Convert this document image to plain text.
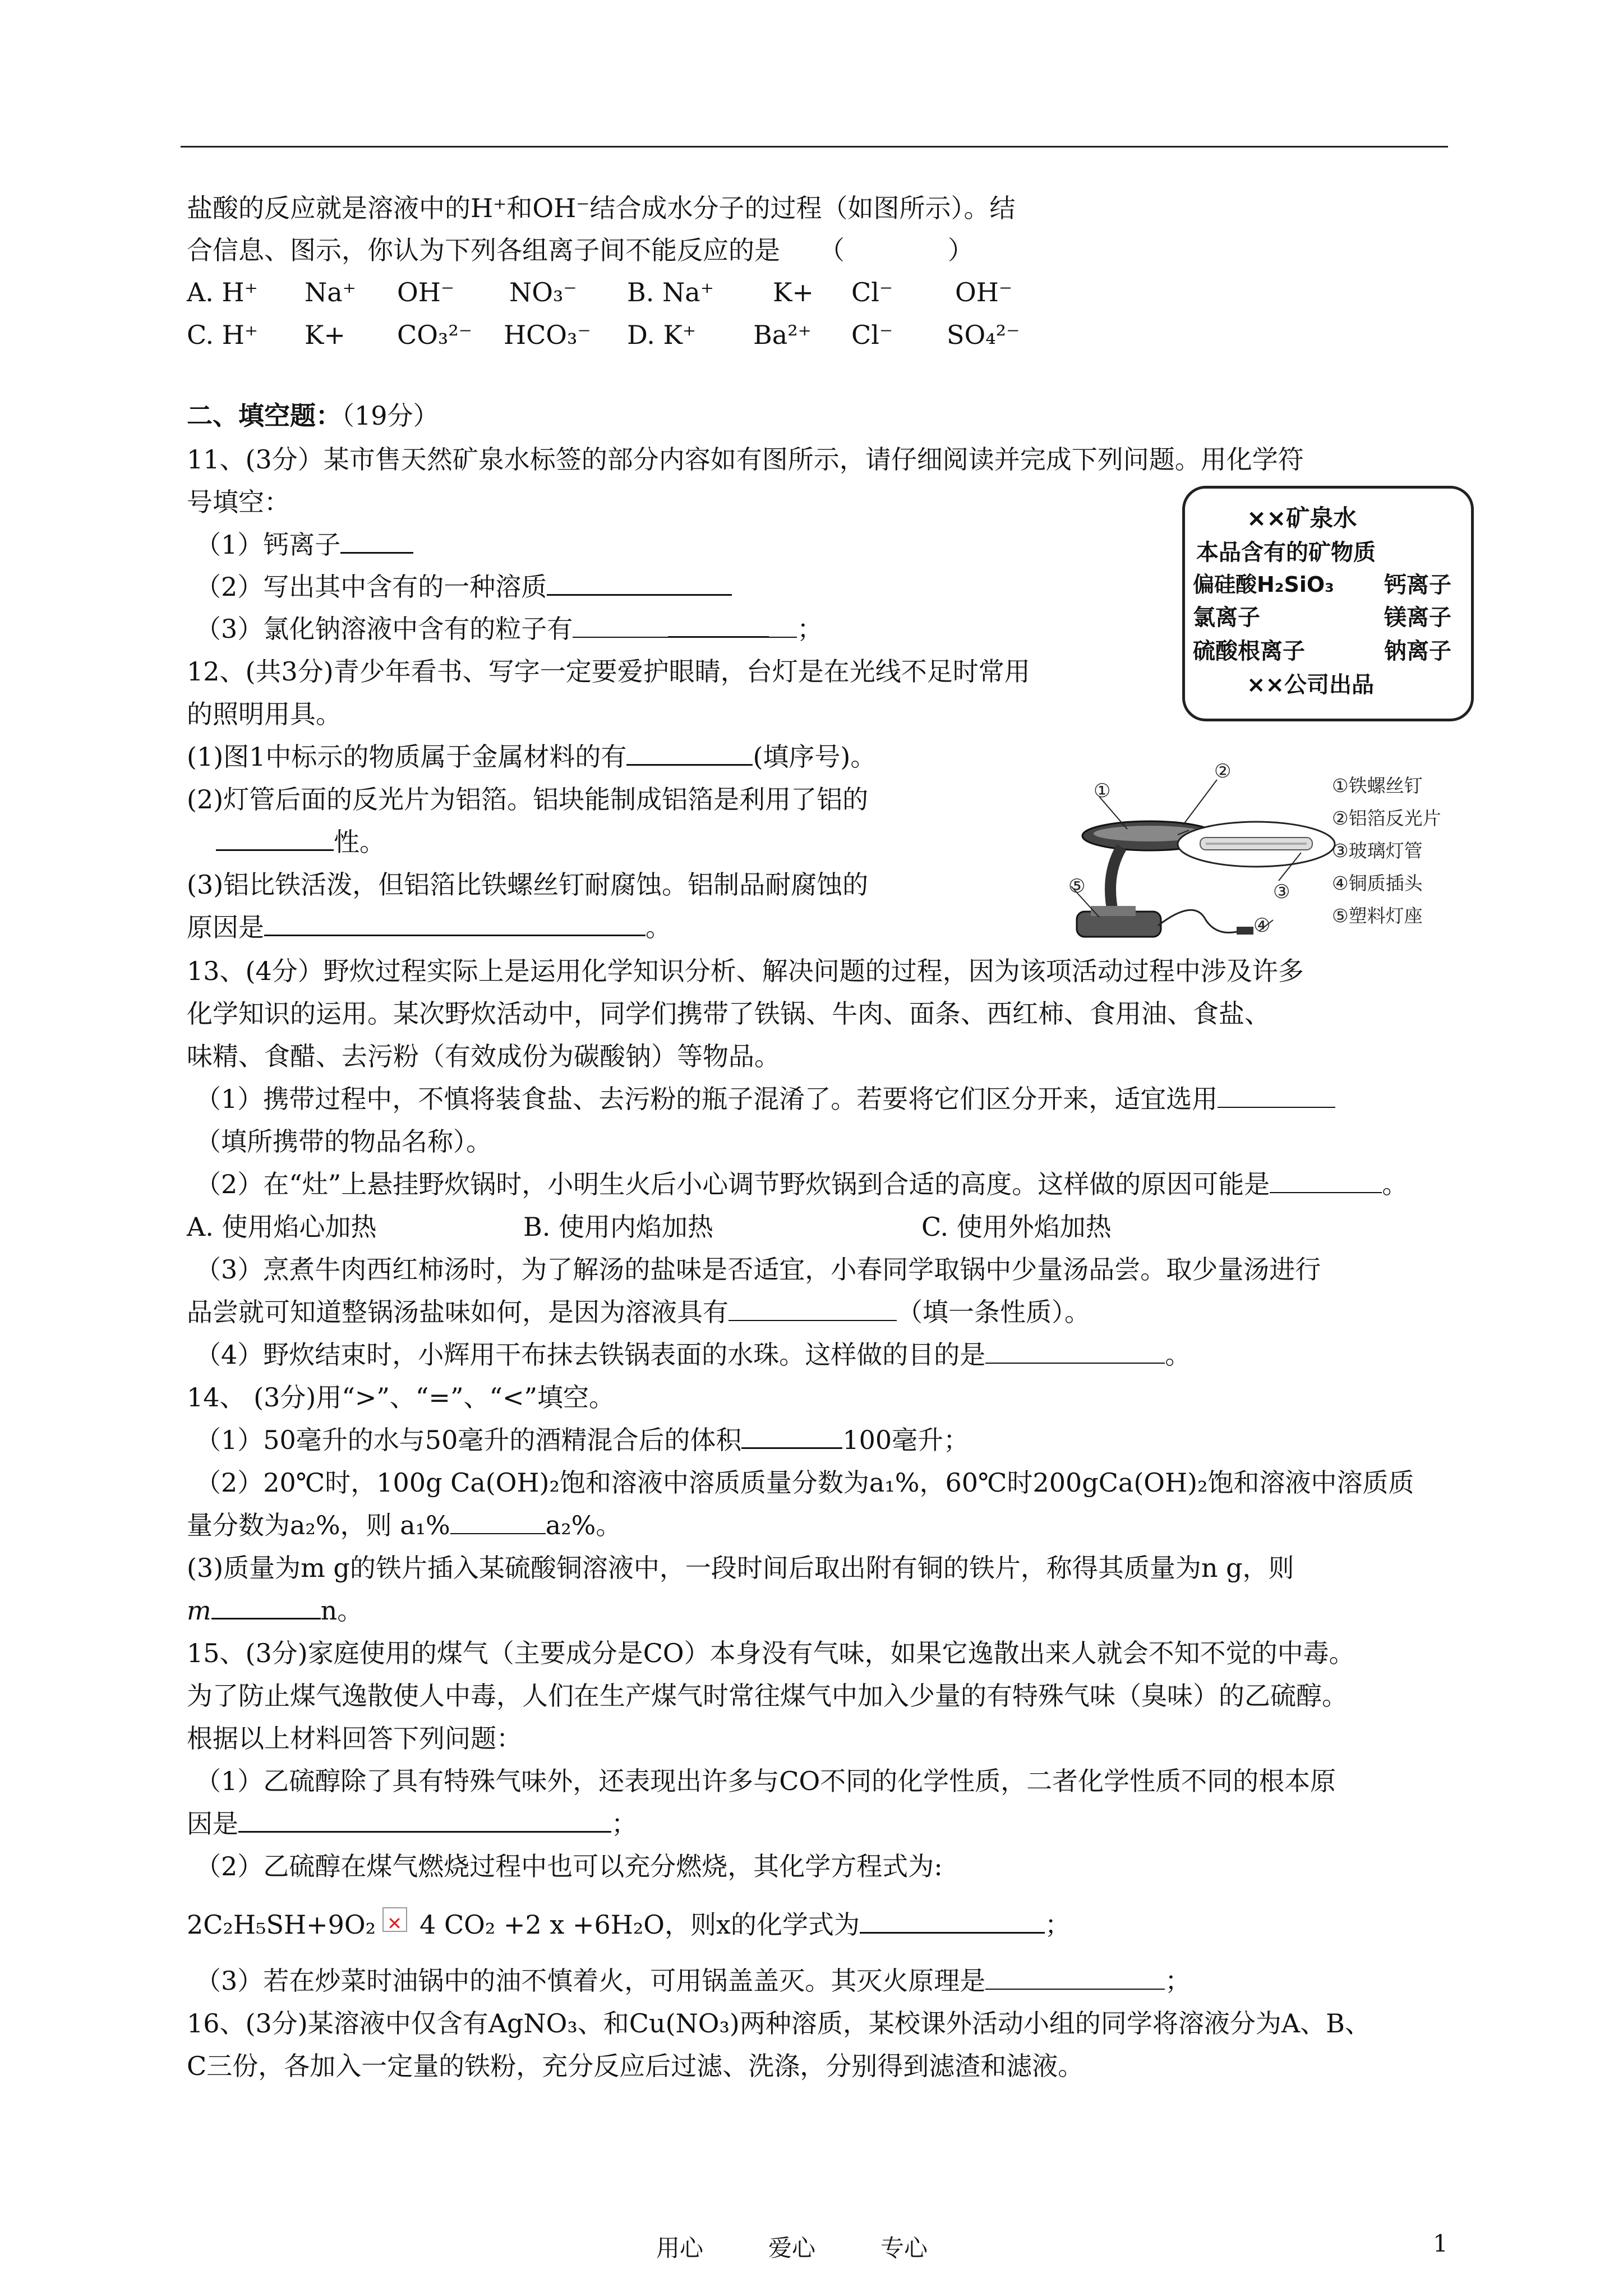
盐酸的反应就是溶液中的H⁺和OH⁻结合成水分子的过程（如图所示）。结
合信息、图示，你认为下列各组离子间不能反应的是　　（　　　　）
A. H⁺ Na⁺ OH⁻ NO₃⁻ B. Na⁺ K+ Cl⁻ OH⁻
C. H⁺ K+ CO₃²⁻ HCO₃⁻ D. K⁺ Ba²⁺ Cl⁻ SO₄²⁻
二、填空题：（19分）
11、(3分）某市售天然矿泉水标签的部分内容如有图所示，请仔细阅读并完成下列问题。用化学符
号填空：
（1）钙离子
（2）写出其中含有的一种溶质
（3）氯化钠溶液中含有的粒子有	；
××矿泉水
本品含有的矿物质
偏硅酸H₂SiO₃ 钙离子
氯离子	镁离子
硫酸根离子	钠离子
××公司出品
12、(共3分)青少年看书、写字一定要爱护眼睛，台灯是在光线不足时常用
的照明用具。
(1)图1中标示的物质属于金属材料的有	(填序号)。
(2)灯管后面的反光片为铝箔。铝块能制成铝箔是利用了铝的
性。
(3)铝比铁活泼，但铝箔比铁螺丝钉耐腐蚀。铝制品耐腐蚀的
原因是	。
①
②
③
④
⑤
①铁螺丝钉
②铝箔反光片
③玻璃灯管
④铜质插头
⑤塑料灯座
13、(4分）野炊过程实际上是运用化学知识分析、解决问题的过程，因为该项活动过程中涉及许多
化学知识的运用。某次野炊活动中，同学们携带了铁锅、牛肉、面条、西红柿、食用油、食盐、
味精、食醋、去污粉（有效成份为碳酸钠）等物品。
（1）携带过程中，不慎将装食盐、去污粉的瓶子混淆了。若要将它们区分开来，适宜选用
（填所携带的物品名称）。
（2）在“灶”上悬挂野炊锅时，小明生火后小心调节野炊锅到合适的高度。这样做的原因可能是	。
A. 使用焰心加热	B. 使用内焰加热	C. 使用外焰加热
（3）烹煮牛肉西红柿汤时，为了解汤的盐味是否适宜，小春同学取锅中少量汤品尝。取少量汤进行
品尝就可知道整锅汤盐味如何，是因为溶液具有	（填一条性质）。
（4）野炊结束时，小辉用干布抹去铁锅表面的水珠。这样做的目的是	。
14、 (3分)用“>”、“=”、“<”填空。
（1）50毫升的水与50毫升的酒精混合后的体积	100毫升；
（2）20℃时，100g Ca(OH)₂饱和溶液中溶质质量分数为a₁%，60℃时200gCa(OH)₂饱和溶液中溶质质
量分数为a₂%，则 a₁%	a₂%。
(3)质量为m g的铁片插入某硫酸铜溶液中，一段时间后取出附有铜的铁片，称得其质量为n g，则
m	n。
15、(3分)家庭使用的煤气（主要成分是CO）本身没有气味，如果它逸散出来人就会不知不觉的中毒。
为了防止煤气逸散使人中毒，人们在生产煤气时常往煤气中加入少量的有特殊气味（臭味）的乙硫醇。
根据以上材料回答下列问题：
（1）乙硫醇除了具有特殊气味外，还表现出许多与CO不同的化学性质，二者化学性质不同的根本原
因是	；
（2）乙硫醇在煤气燃烧过程中也可以充分燃烧，其化学方程式为:
2C₂H₅SH+9O₂✕ 4 CO₂ +2 x +6H₂O，则x的化学式为	；
（3）若在炒菜时油锅中的油不慎着火，可用锅盖盖灭。其灭火原理是	；
16、(3分)某溶液中仅含有AgNO₃、和Cu(NO₃)两种溶质，某校课外活动小组的同学将溶液分为A、B、
C三份，各加入一定量的铁粉，充分反应后过滤、洗涤，分别得到滤渣和滤液。
用心	爱心	专心	1
